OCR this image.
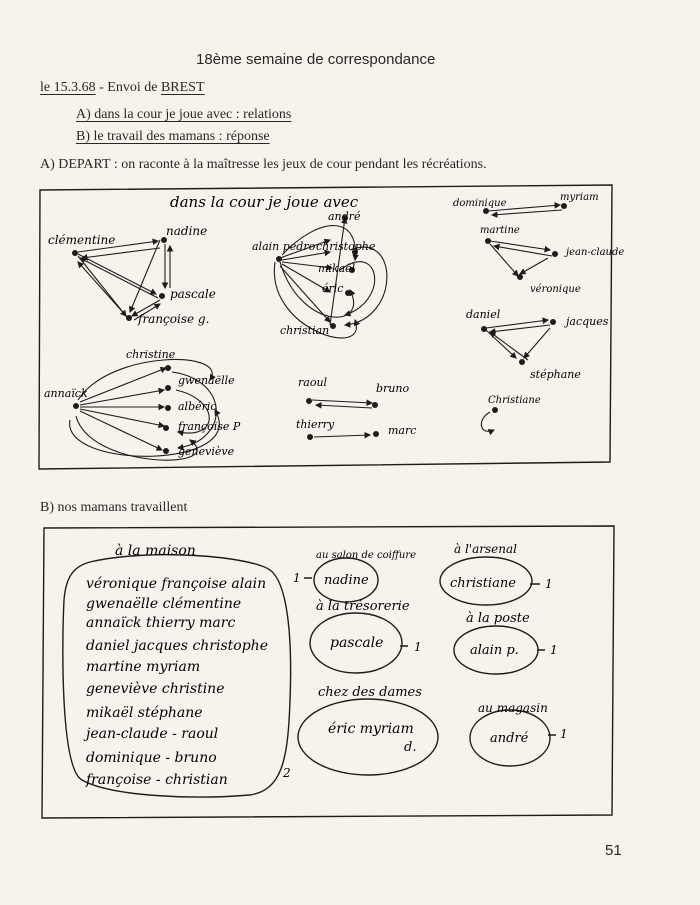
18ème semaine de correspondance
le 15.3.68 - Envoi de BREST
A) dans la cour je joue avec : relations
B) le travail des mamans : réponse
A) DEPART : on raconte à la maîtresse les jeux de cour pendant les récréations.
B) nos mamans travaillent
51
dans la cour je joue avec
clémentine
nadine
pascale
françoise g.
andré
alain pedro christophe
mikaël
éric
christian
dominique
myriam
martine
jean-claude
véronique
daniel
jacques
stéphane
christine
annaïck
gwenaëlle
albéric
françoise P
geneviève
raoul	bruno
thierry	marc
Christiane
à la maison
véronique françoise alain
gwenaëlle clémentine
annaïck thierry marc
daniel jacques christophe
martine myriam
geneviève christine
mikaël stéphane
jean-claude - raoul
dominique - bruno
françoise - christian	2
au salon de coiffure
nadine
1
à la trésorerie
pascale	1
chez des dames
éric myriam
d.
à l'arsenal
christiane 1
à la poste
alain p.	1
au magasin
andré	1
